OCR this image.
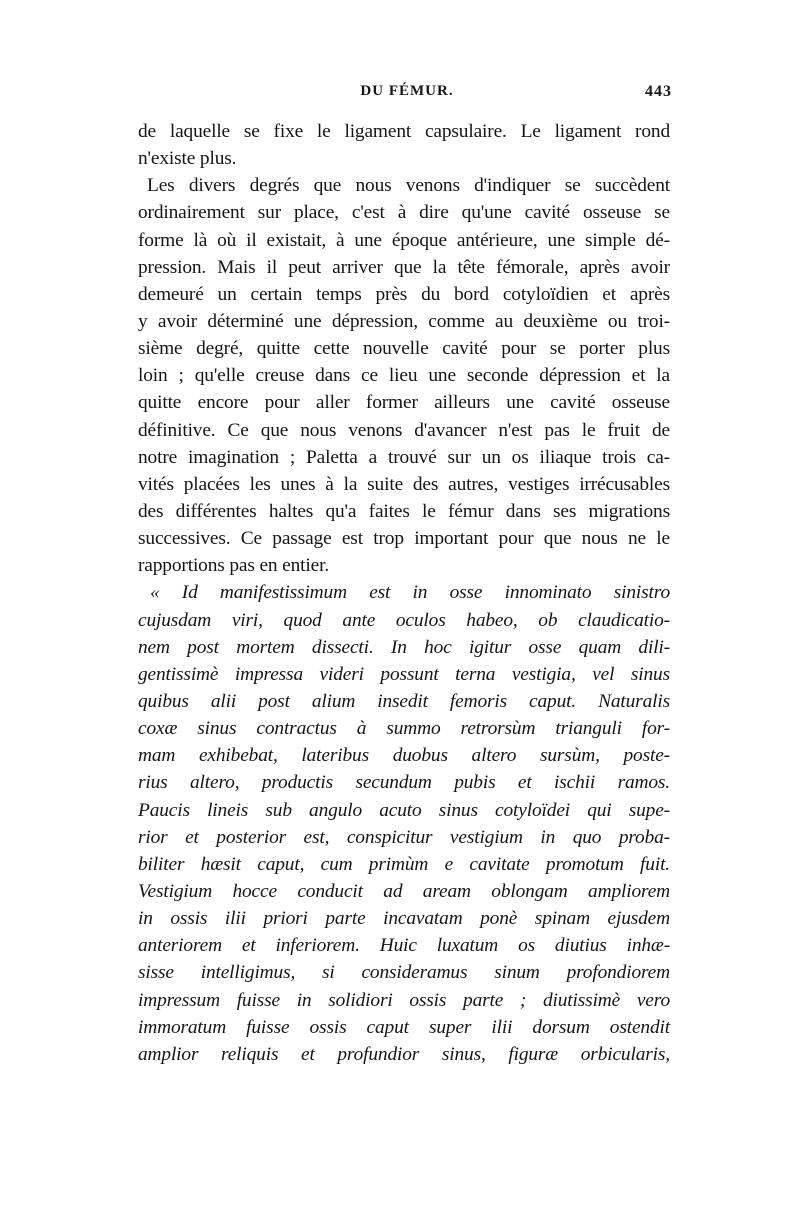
DU FÉMUR.	443
de laquelle se fixe le ligament capsulaire. Le ligament rond
n'existe plus.
Les divers degrés que nous venons d'indiquer se succèdent
ordinairement sur place, c'est à dire qu'une cavité osseuse se
forme là où il existait, à une époque antérieure, une simple dé-
pression. Mais il peut arriver que la tête fémorale, après avoir
demeuré un certain temps près du bord cotyloïdien et après
y avoir déterminé une dépression, comme au deuxième ou troi-
sième degré, quitte cette nouvelle cavité pour se porter plus
loin ; qu'elle creuse dans ce lieu une seconde dépression et la
quitte encore pour aller former ailleurs une cavité osseuse
définitive. Ce que nous venons d'avancer n'est pas le fruit de
notre imagination ; Paletta a trouvé sur un os iliaque trois ca-
vités placées les unes à la suite des autres, vestiges irrécusables
des différentes haltes qu'a faites le fémur dans ses migrations
successives. Ce passage est trop important pour que nous ne le
rapportions pas en entier.
« Id manifestissimum est in osse innominato sinistro
cujusdam viri, quod ante oculos habeo, ob claudicatio-
nem post mortem dissecti. In hoc igitur osse quam dili-
gentissimè impressa videri possunt terna vestigia, vel sinus
quibus alii post alium insedit femoris caput. Naturalis
coxæ sinus contractus à summo retrorsùm trianguli for-
mam exhibebat, lateribus duobus altero sursùm, poste-
rius altero, productis secundum pubis et ischii ramos.
Paucis lineis sub angulo acuto sinus cotyloïdei qui supe-
rior et posterior est, conspicitur vestigium in quo proba-
biliter hæsit caput, cum primùm e cavitate promotum fuit.
Vestigium hocce conducit ad aream oblongam ampliorem
in ossis ilii priori parte incavatam ponè spinam ejusdem
anteriorem et inferiorem. Huic luxatum os diutius inhæ-
sisse intelligimus, si consideramus sinum profondiorem
impressum fuisse in solidiori ossis parte ; diutissimè vero
immoratum fuisse ossis caput super ilii dorsum ostendit
amplior reliquis et profundior sinus, figuræ orbicularis,
